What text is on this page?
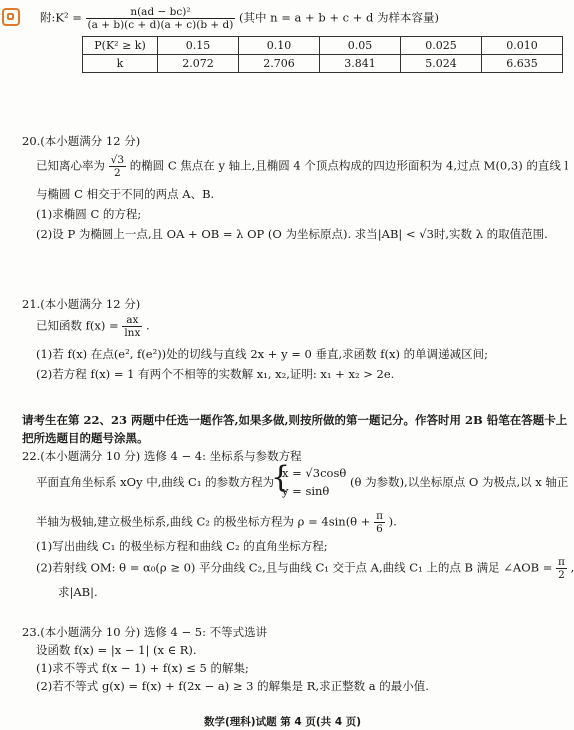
附:K² = $\frac{\text{n(ad − bc)²}}{(a + b)(c + d)(a + c)(b + d)}$ (其中 n = a + b + c + d 为样本容量)
P(K² ≥ k)	0.15	0.10	0.05	0.025	0.010
k	2.072	2.706	3.841	5.024	6.635
20.(本小题满分 12 分)
已知离心率为 $\frac{√3}{2}$ 的椭圆 C 焦点在 y 轴上,且椭圆 4 个顶点构成的四边形面积为 4,过点 M(0,3) 的直线 l
与椭圆 C 相交于不同的两点 A、B.
(1)求椭圆 C 的方程;
(2)设 P 为椭圆上一点,且 OA + OB = λ OP (O 为坐标原点). 求当|AB| < √3时,实数 λ 的取值范围.
21.(本小题满分 12 分)
已知函数 $f(x) = \frac{ax}{\ln x}$ .
(1)若 f(x) 在点(e², f(e²))处的切线与直线 2x + y = 0 垂直,求函数 f(x) 的单调递减区间;
(2)若方程 f(x) = 1 有两个不相等的实数解 x₁, x₂,证明: x₁ + x₂ > 2e.
请考生在第 22、23 两题中任选一题作答,如果多做,则按所做的第一题记分。作答时用 2B 铅笔在答题卡上
把所选题目的题号涂黑。
22.(本小题满分 10 分) 选修 4 − 4: 坐标系与参数方程
平面直角坐标系 xOy 中,曲线 C₁ 的参数方程为
{
x = √3cosθ
y = sinθ
(θ 为参数),以坐标原点 O 为极点,以 x 轴正
半轴为极轴,建立极坐标系,曲线 C₂ 的极坐标方程为 $\rho = 4\sin(\theta + \frac{\pi}{6}$ ).
(1)写出曲线 C₁ 的极坐标方程和曲线 C₂ 的直角坐标方程;
(2)若射线 OM: θ = α₀(ρ ≥ 0) 平分曲线 C₂,且与曲线 C₁ 交于点 A,曲线 C₁ 上的点 B 满足 ∠AOB = $\frac{\pi}{2}$ ,
求|AB|.
23.(本小题满分 10 分) 选修 4 − 5: 不等式选讲
设函数 f(x) = |x − 1| (x ∈ R).
(1)求不等式 f(x − 1) + f(x) ≤ 5 的解集;
(2)若不等式 g(x) = f(x) + f(2x − a) ≥ 3 的解集是 R,求正整数 a 的最小值.
数学(理科)试题 第 4 页(共 4 页)
